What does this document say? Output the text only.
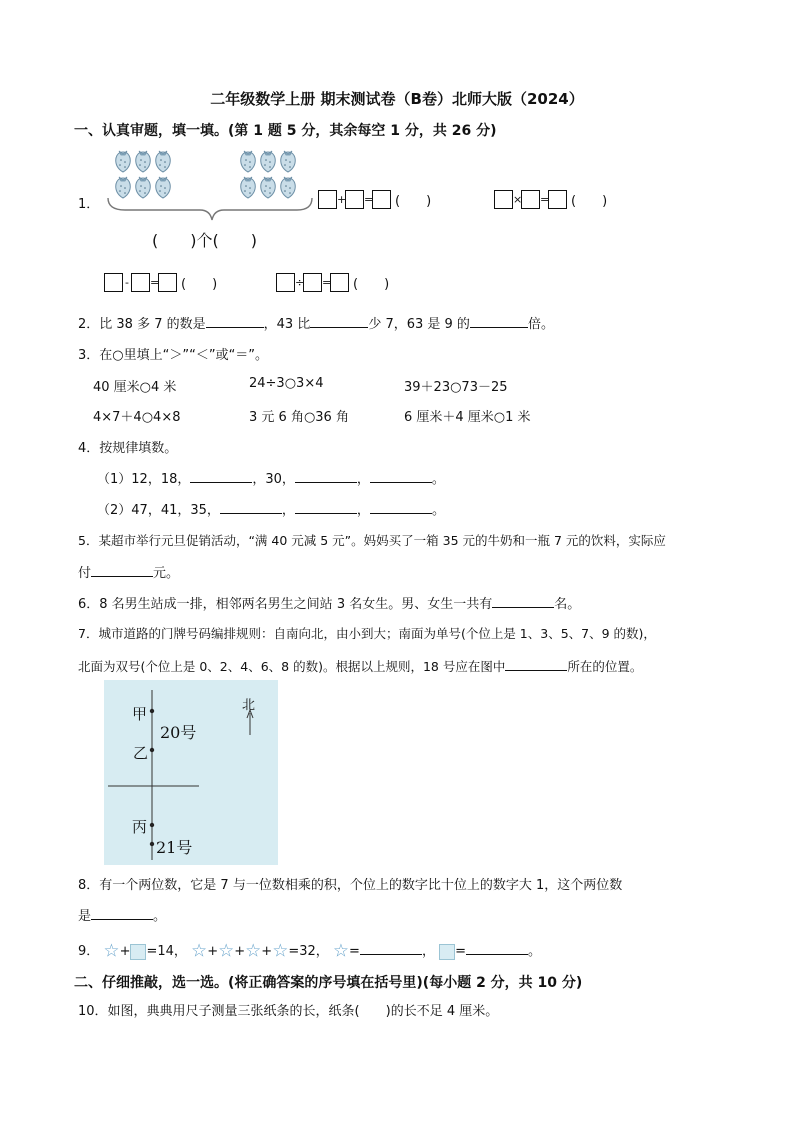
二年级数学上册 期末测试卷（B卷）北师大版（2024）
一、认真审题，填一填。(第 1 题 5 分，其余每空 1 分，共 26 分)
1．
(　　)个(　　)
+ = (　　)	× = (　　)
- = (　　)	÷ = (　　)
2．比 38 多 7 的数是	，43 比	少 7，63 是 9 的	倍。
3．在○里填上“＞”“＜”或“＝”。
40 厘米○4 米	24÷3○3×4	39＋23○73－25
4×7＋4○4×8	3 元 6 角○36 角	6 厘米＋4 厘米○1 米
4．按规律填数。
（1）12，18，	，30，	，	。
（2）47，41，35，	，	，	。
5．某超市举行元旦促销活动，“满 40 元减 5 元”。妈妈买了一箱 35 元的牛奶和一瓶 7 元的饮料，实际应
付	元。
6．8 名男生站成一排，相邻两名男生之间站 3 名女生。男、女生一共有	名。
7．城市道路的门牌号码编排规则：自南向北，由小到大；南面为单号(个位上是 1、3、5、7、9 的数)，
北面为双号(个位上是 0、2、4、6、8 的数)。根据以上规则，18 号应在图中	所在的位置。
北
甲
20号
乙
丙
21号
8．有一个两位数，它是 7 与一位数相乘的积，个位上的数字比十位上的数字大 1，这个两位数
是	。
9． ☆+ =14， ☆+☆+☆+☆=32， ☆=	， =	。
二、仔细推敲，选一选。(将正确答案的序号填在括号里)(每小题 2 分，共 10 分)
10．如图，典典用尺子测量三张纸条的长，纸条( )的长不足 4 厘米。
